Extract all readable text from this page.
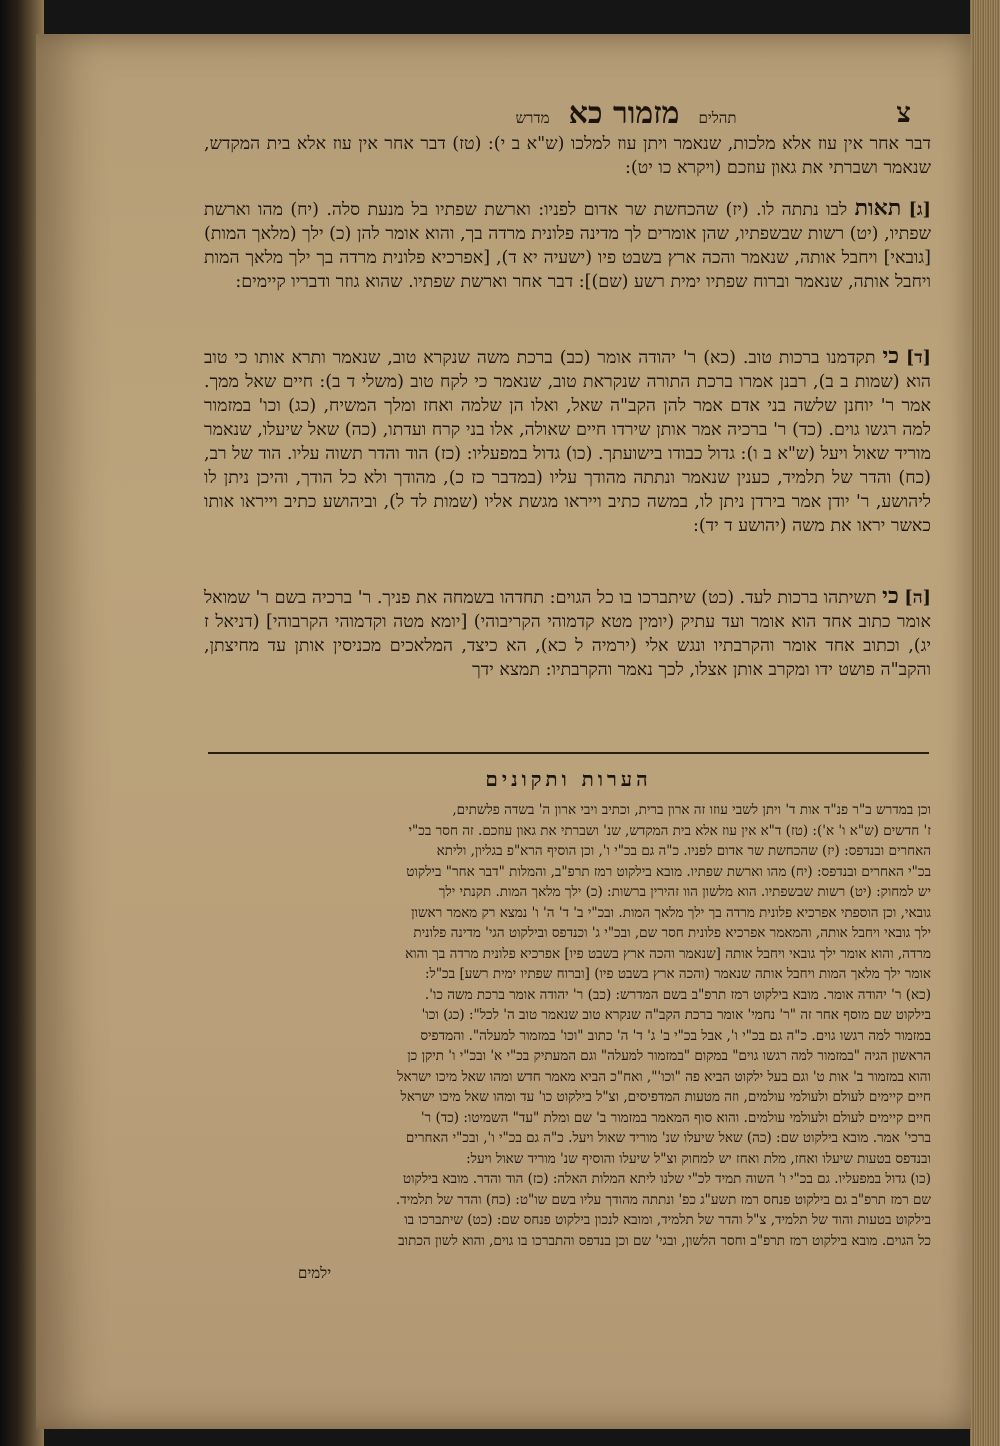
צ
תהלים מזמור כא מדרש

דבר אחר אין עוז אלא מלכות, שנאמר ויתן עוז למלכו (ש"א ב י): (טז) דבר אחר אין עוז אלא בית המקדש, שנאמר ושברתי את גאון עוזכם (ויקרא כו יט):

[ג] תאות לבו נתתה לו. (יז) שהכחשת שר אדום לפניו: וארשת שפתיו בל מנעת סלה. (יח) מהו וארשת שפתיו, (יט) רשות שבשפתיו, שהן אומרים לך מדינה פלונית מרדה בך, והוא אומר להן (כ) ילך (מלאך המות) [גובאי] ויחבל אותה, שנאמר והכה ארץ בשבט פיו (ישעיה יא ד), [אפרכיא פלונית מרדה בך ילך מלאך המות ויחבל אותה, שנאמר וברוח שפתיו ימית רשע (שם)]: דבר אחר וארשת שפתיו. שהוא גוזר ודבריו קיימים:

[ד] כי תקדמנו ברכות טוב. (כא) ר' יהודה אומר (כב) ברכת משה שנקרא טוב, שנאמר ותרא אותו כי טוב הוא (שמות ב ב), רבנן אמרו ברכת התורה שנקראת טוב, שנאמר כי לקח טוב (משלי ד ב): חיים שאל ממך. אמר ר' יוחנן שלשה בני אדם אמר להן הקב"ה שאל, ואלו הן שלמה ואחז ומלך המשיח, (כג) וכו' במזמור למה רגשו גוים. (כד) ר' ברכיה אמר אותן שירדו חיים שאולה, אלו בני קרח ועדתו, (כה) שאל שיעלו, שנאמר מוריד שאול ויעל (ש"א ב ו): גדול כבודו בישועתך. (כו) גדול במפעליו: (כז) הוד והדר תשוה עליו. הוד של רב, (כח) והדר של תלמיד, כענין שנאמר ונתתה מהודך עליו (במדבר כז כ), מהודך ולא כל הודך, והיכן ניתן לו ליהושע, ר' יודן אמר בירדן ניתן לו, במשה כתיב וייראו מגשת אליו (שמות לד ל), וביהושע כתיב וייראו אותו כאשר יראו את משה (יהושע ד יד):

[ה] כי תשיתהו ברכות לעד. (כט) שיתברכו בו כל הגוים: תחדהו בשמחה את פניך. ר' ברכיה בשם ר' שמואל אומר כתוב אחד הוא אומר ועד עתיק (יומין מטא קדמוהי הקריבוהי) [יומא מטה וקדמוהי הקרבוהי] (דניאל ז יג), וכתוב אחד אומר והקרבתיו ונגש אלי (ירמיה ל כא), הא כיצד, המלאכים מכניסין אותן עד מחיצתן, והקב"ה פושט ידו ומקרב אותן אצלו, לכך נאמר והקרבתיו: תמצא ידך

הערות ותקונים

וכן במדרש ב"ר פנ"ד אות ד' ויתן לשבי עוזו זה ארון ברית, וכתיב ויבי ארון ה' בשדה פלשתים,

ז' חדשים (ש"א ו' א'): (טז) ד"א אין עוז אלא בית המקדש, שנ' ושברתי את גאון עוזכם. זה חסר בכ"י

האחרים ובנדפס: (יז) שהכחשת שר אדום לפניו. כ"ה גם בכ"י ו', וכן הוסיף הרא"פ בגליון, וליתא

בכ"י האחרים ובנדפס: (יח) מהו וארשת שפתיו. מובא בילקוט רמז תרפ"ב, והמלות "דבר אחר" בילקוט

יש למחוק: (יט) רשות שבשפתיו. הוא מלשון הוו זהירין ברשות: (כ) ילך מלאך המות. תקנתי ילך

גובאי, וכן הוספתי אפרכיא פלונית מרדה בך ילך מלאך המות. ובכ"י ב' ד' ה' ו' נמצא רק מאמר ראשון

ילך גובאי ויחבל אותה, והמאמר אפרכיא פלונית חסר שם, ובכ"י ג' וכנדפס ובילקוט הגי' מדינה פלונית

מרדה, והוא אומר ילך גובאי ויחבל אותה [שנאמר והכה ארץ בשבט פיו] אפרכיא פלונית מרדה בך והוא

אומר ילך מלאך המות ויחבל אותה שנאמר (והכה ארץ בשבט פיו) [וברוח שפתיו ימית רשע] בכ"ל:

(כא) ר' יהודה אומר. מובא בילקוט רמז תרפ"ב בשם המדרש: (כב) ר' יהודה אומר ברכת משה כו'.

בילקוט שם מוסף אחר זה "ר' נחמי' אומר ברכת הקב"ה שנקרא טוב שנאמר טוב ה' לכל": (כג) וכו'

במזמור למה רגשו גוים. כ"ה גם בכ"י ו', אבל בכ"י ב' ג' ד' ה' כתוב "וכו' במזמור למעלה". והמדפיס

הראשון הגיה "במזמור למה רגשו גוים" במקום "במזמור למעלה" וגם המעתיק בכ"י א' ובכ"י ו' תיקן כן

והוא במזמור ב' אות ט' וגם בעל ילקוט הביא פה "וכו'", ואח"כ הביא מאמר חדש ומהו שאל מיכו ישראל

חיים קיימים לעולם ולעולמי עולמים, וזה מטעות המדפיסים, וצ"ל בילקוט כו' עד ומהו שאל מיכו ישראל

חיים קיימים לעולם ולעולמי עולמים. והוא סוף המאמר במזמור ב' שם ומלת "עד" השמיטו: (כד) ר'

ברכי' אמר. מובא בילקוט שם: (כה) שאל שיעלו שנ' מוריד שאול ויעל. כ"ה גם בכ"י ו', ובכ"י האחרים

ובנדפס בטעות שיעלו ואחז, מלת ואחז יש למחוק וצ"ל שיעלו והוסיף שנ' מוריד שאול ויעל:

(כו) גדול במפעליו. גם בכ"י ו' השוה תמיד לכ"י שלנו ליתא המלות האלה: (כז) הוד והדר. מובא בילקוט

שם רמז תרפ"ב גם בילקוט פנחס רמז תשע"ג כפ' ונתתה מהודך עליו בשם שו"ט: (כח) והדר של תלמיד.

בילקוט בטעות והוד של תלמיד, צ"ל והדר של תלמיד, ומובא לנכון בילקוט פנחס שם: (כט) שיתברכו בו

כל הגוים. מובא בילקוט רמז תרפ"ב וחסר הלשון, ובגי' שם וכן בנדפס והתברכו בו גוים, והוא לשון הכתוב

ילמים
